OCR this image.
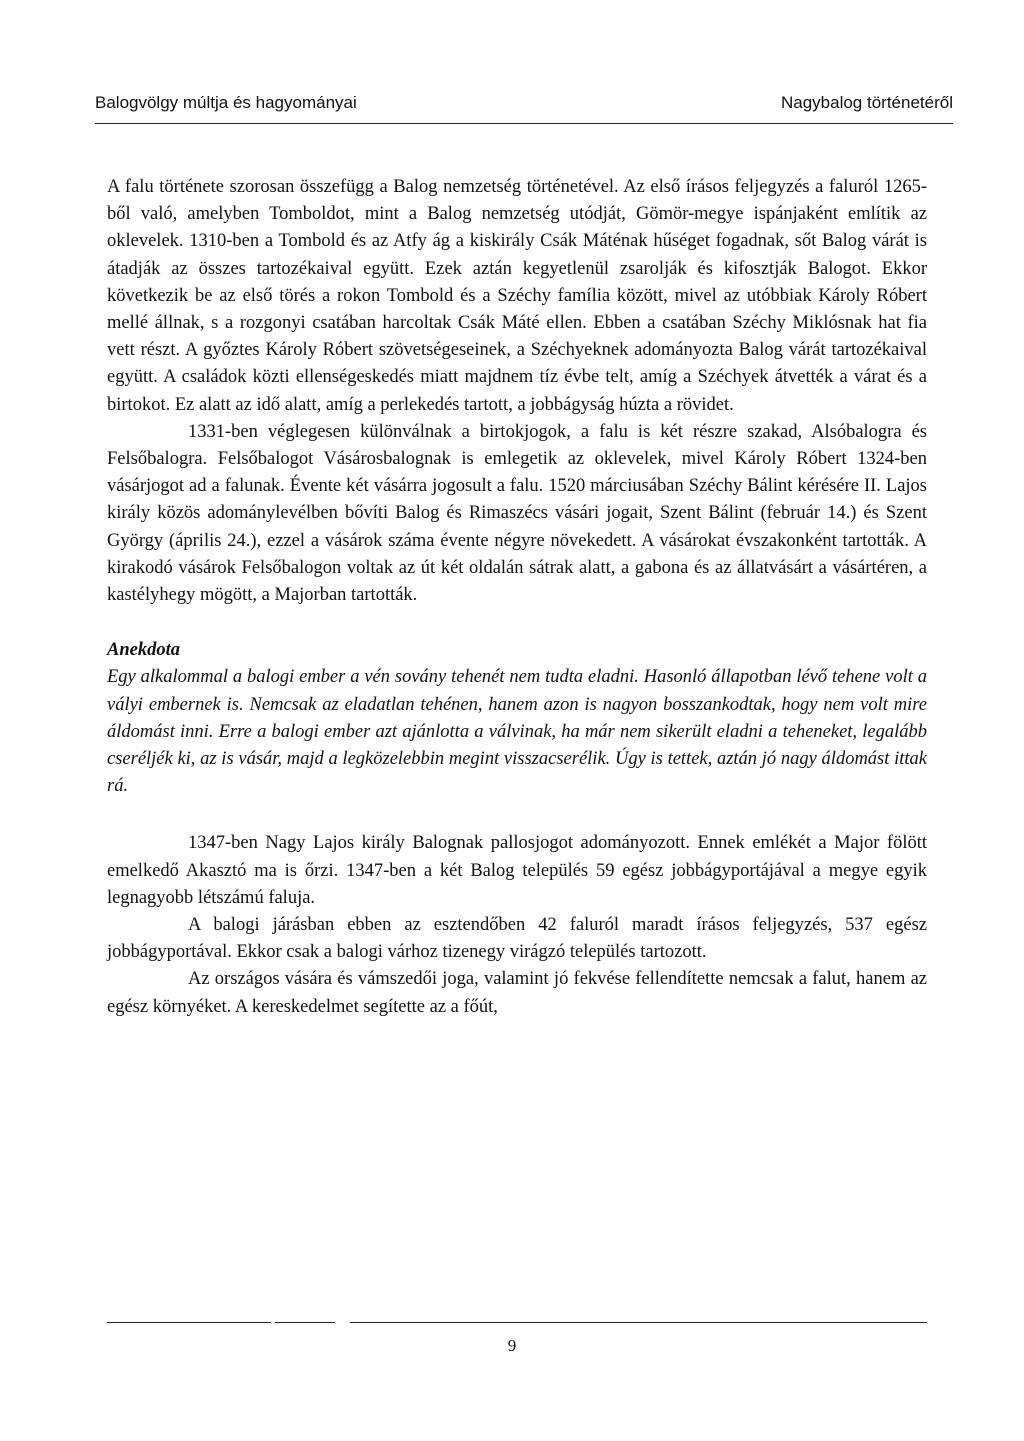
Balogvölgy múltja és hagyományai	Nagybalog történetéről

A falu története szorosan összefügg a Balog nemzetség történetével. Az első írásos feljegyzés a faluról 1265-ből való, amelyben Tomboldot, mint a Balog nemzetség utódját, Gömör-megye ispánjaként említik az oklevelek. 1310-ben a Tombold és az Atfy ág a kiskirály Csák Máténak hűséget fogadnak, sőt Balog várát is átadják az összes tartozékaival együtt. Ezek aztán kegyetlenül zsarolják és kifosztják Balogot. Ekkor következik be az első törés a rokon Tombold és a Széchy família között, mivel az utóbbiak Károly Róbert mellé állnak, s a rozgonyi csatában harcoltak Csák Máté ellen. Ebben a csatában Széchy Miklósnak hat fia vett részt. A győztes Károly Róbert szövetségeseinek, a Széchyeknek adományozta Balog várát tartozékaival együtt. A családok közti ellenségeskedés miatt majdnem tíz évbe telt, amíg a Széchyek átvették a várat és a birtokot. Ez alatt az idő alatt, amíg a perlekedés tartott, a jobbágyság húzta a rövidet.

1331-ben véglegesen különválnak a birtokjogok, a falu is két részre szakad, Alsóbalogra és Felsőbalogra. Felsőbalogot Vásárosbalognak is emlegetik az oklevelek, mivel Károly Róbert 1324-ben vásárjogot ad a falunak. Évente két vásárra jogosult a falu. 1520 márciusában Széchy Bálint kérésére II. Lajos király közös adománylevélben bővíti Balog és Rimaszécs vásári jogait, Szent Bálint (február 14.) és Szent György (április 24.), ezzel a vásárok száma évente négyre növekedett. A vásárokat évszakonként tartották. A kirakodó vásárok Felsőbalogon voltak az út két oldalán sátrak alatt, a gabona és az állatvásárt a vásártéren, a kastélyhegy mögött, a Majorban tartották.

Anekdota

Egy alkalommal a balogi ember a vén sovány tehenét nem tudta eladni. Hasonló állapotban lévő tehene volt a vályi embernek is. Nemcsak az eladatlan tehénen, hanem azon is nagyon bosszankodtak, hogy nem volt mire áldomást inni. Erre a balogi ember azt ajánlotta a válvinak, ha már nem sikerült eladni a teheneket, legalább cseréljék ki, az is vásár, majd a legközelebbin megint visszacserélik. Úgy is tettek, aztán jó nagy áldomást ittak rá.

1347-ben Nagy Lajos király Balognak pallosjogot adományozott. Ennek emlékét a Major fölött emelkedő Akasztó ma is őrzi. 1347-ben a két Balog település 59 egész jobbágyportájával a megye egyik legnagyobb létszámú faluja.

A balogi járásban ebben az esztendőben 42 faluról maradt írásos feljegyzés, 537 egész jobbágyportával. Ekkor csak a balogi várhoz tizenegy virágzó település tartozott.

Az országos vására és vámszedői joga, valamint jó fekvése fellendítette nemcsak a falut, hanem az egész környéket. A kereskedelmet segítette az a főút,

9
